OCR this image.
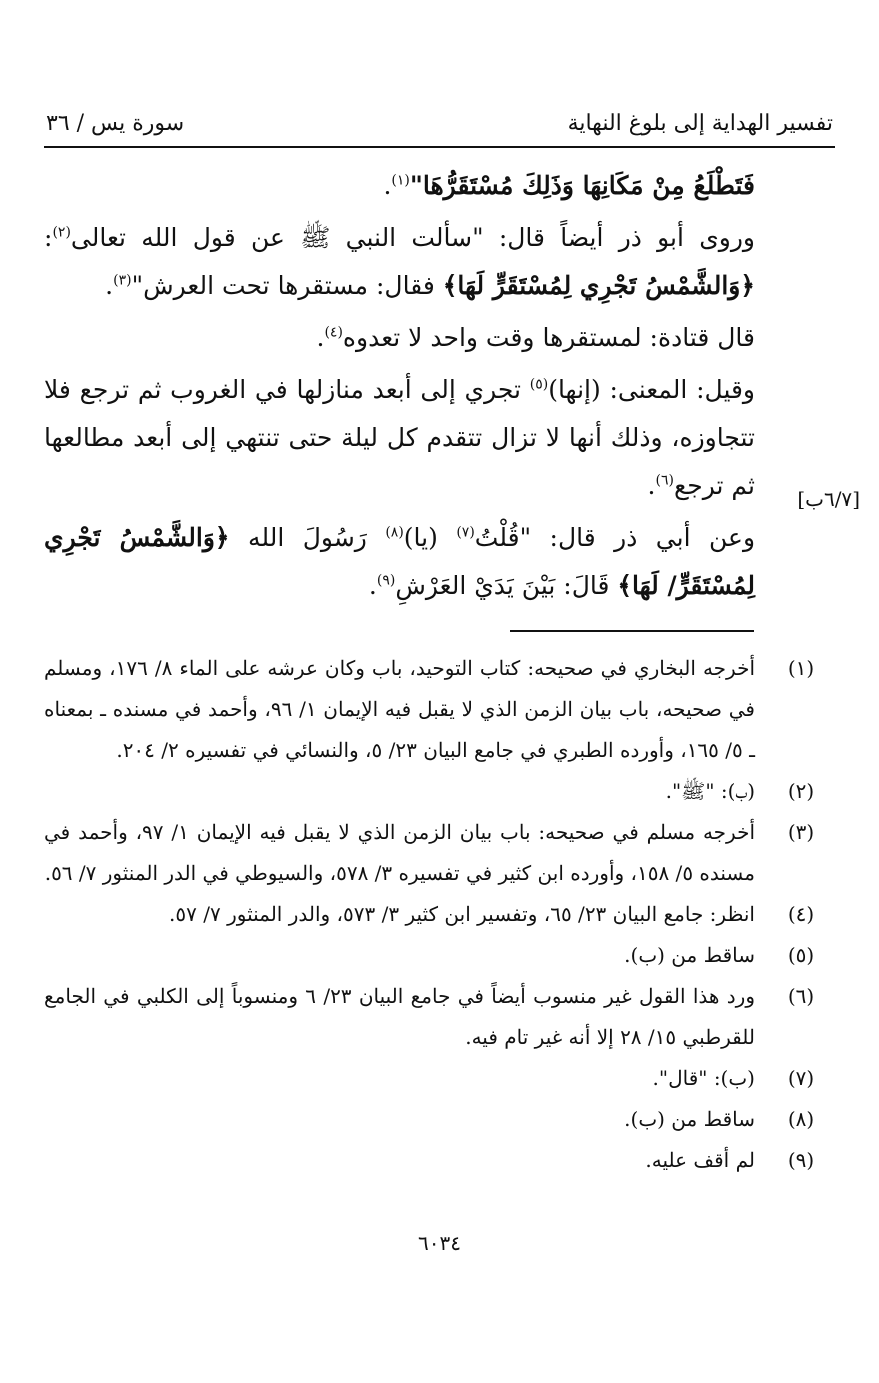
تفسير الهداية إلى بلوغ النهاية
سورة يس / ٣٦

فَتَطْلَعُ مِنْ مَكَانِهَا وَذَلِكَ مُسْتَقَرُّهَا"$^{(١)}$.

وروى أبو ذر أيضاً قال: "سألت النبي ﷺ عن قول الله تعالى$^{(٢)}$: ﴿وَالشَّمْسُ تَجْرِي لِمُسْتَقَرٍّ لَهَا﴾ فقال: مستقرها تحت العرش"$^{(٣)}$.

قال قتادة: لمستقرها وقت واحد لا تعدوه$^{(٤)}$.

وقيل: المعنى: (إنها)$^{(٥)}$ تجري إلى أبعد منازلها في الغروب ثم ترجع فلا تتجاوزه، وذلك أنها لا تزال تتقدم كل ليلة حتى تنتهي إلى أبعد مطالعها ثم ترجع$^{(٦)}$.

وعن أبي ذر قال: "قُلْتُ$^{(٧)}$ (يا)$^{(٨)}$ رَسُولَ الله ﴿وَالشَّمْسُ تَجْرِي لِمُسْتَقَرٍّ/ لَهَا﴾ قَالَ: بَيْنَ يَدَيْ العَرْشِ$^{(٩)}$.

[٦/٧ب]
(١)
أخرجه البخاري في صحيحه: كتاب التوحيد، باب وكان عرشه على الماء ٨/ ١٧٦، ومسلم في صحيحه، باب بيان الزمن الذي لا يقبل فيه الإيمان ١/ ٩٦، وأحمد في مسنده ـ بمعناه ـ ٥/ ١٦٥، وأورده الطبري في جامع البيان ٢٣/ ٥، والنسائي في تفسيره ٢/ ٢٠٤.
(٢)
(ب): "ﷺ".
(٣)
أخرجه مسلم في صحيحه: باب بيان الزمن الذي لا يقبل فيه الإيمان ١/ ٩٧، وأحمد في مسنده ٥/ ١٥٨، وأورده ابن كثير في تفسيره ٣/ ٥٧٨، والسيوطي في الدر المنثور ٧/ ٥٦.
(٤)
انظر: جامع البيان ٢٣/ ٦٥، وتفسير ابن كثير ٣/ ٥٧٣، والدر المنثور ٧/ ٥٧.
(٥)
ساقط من (ب).
(٦)
ورد هذا القول غير منسوب أيضاً في جامع البيان ٢٣/ ٦ ومنسوباً إلى الكلبي في الجامع للقرطبي ١٥/ ٢٨ إلا أنه غير تام فيه.
(٧)
(ب): "قال".
(٨)
ساقط من (ب).
(٩)
لم أقف عليه.
٦٠٣٤
